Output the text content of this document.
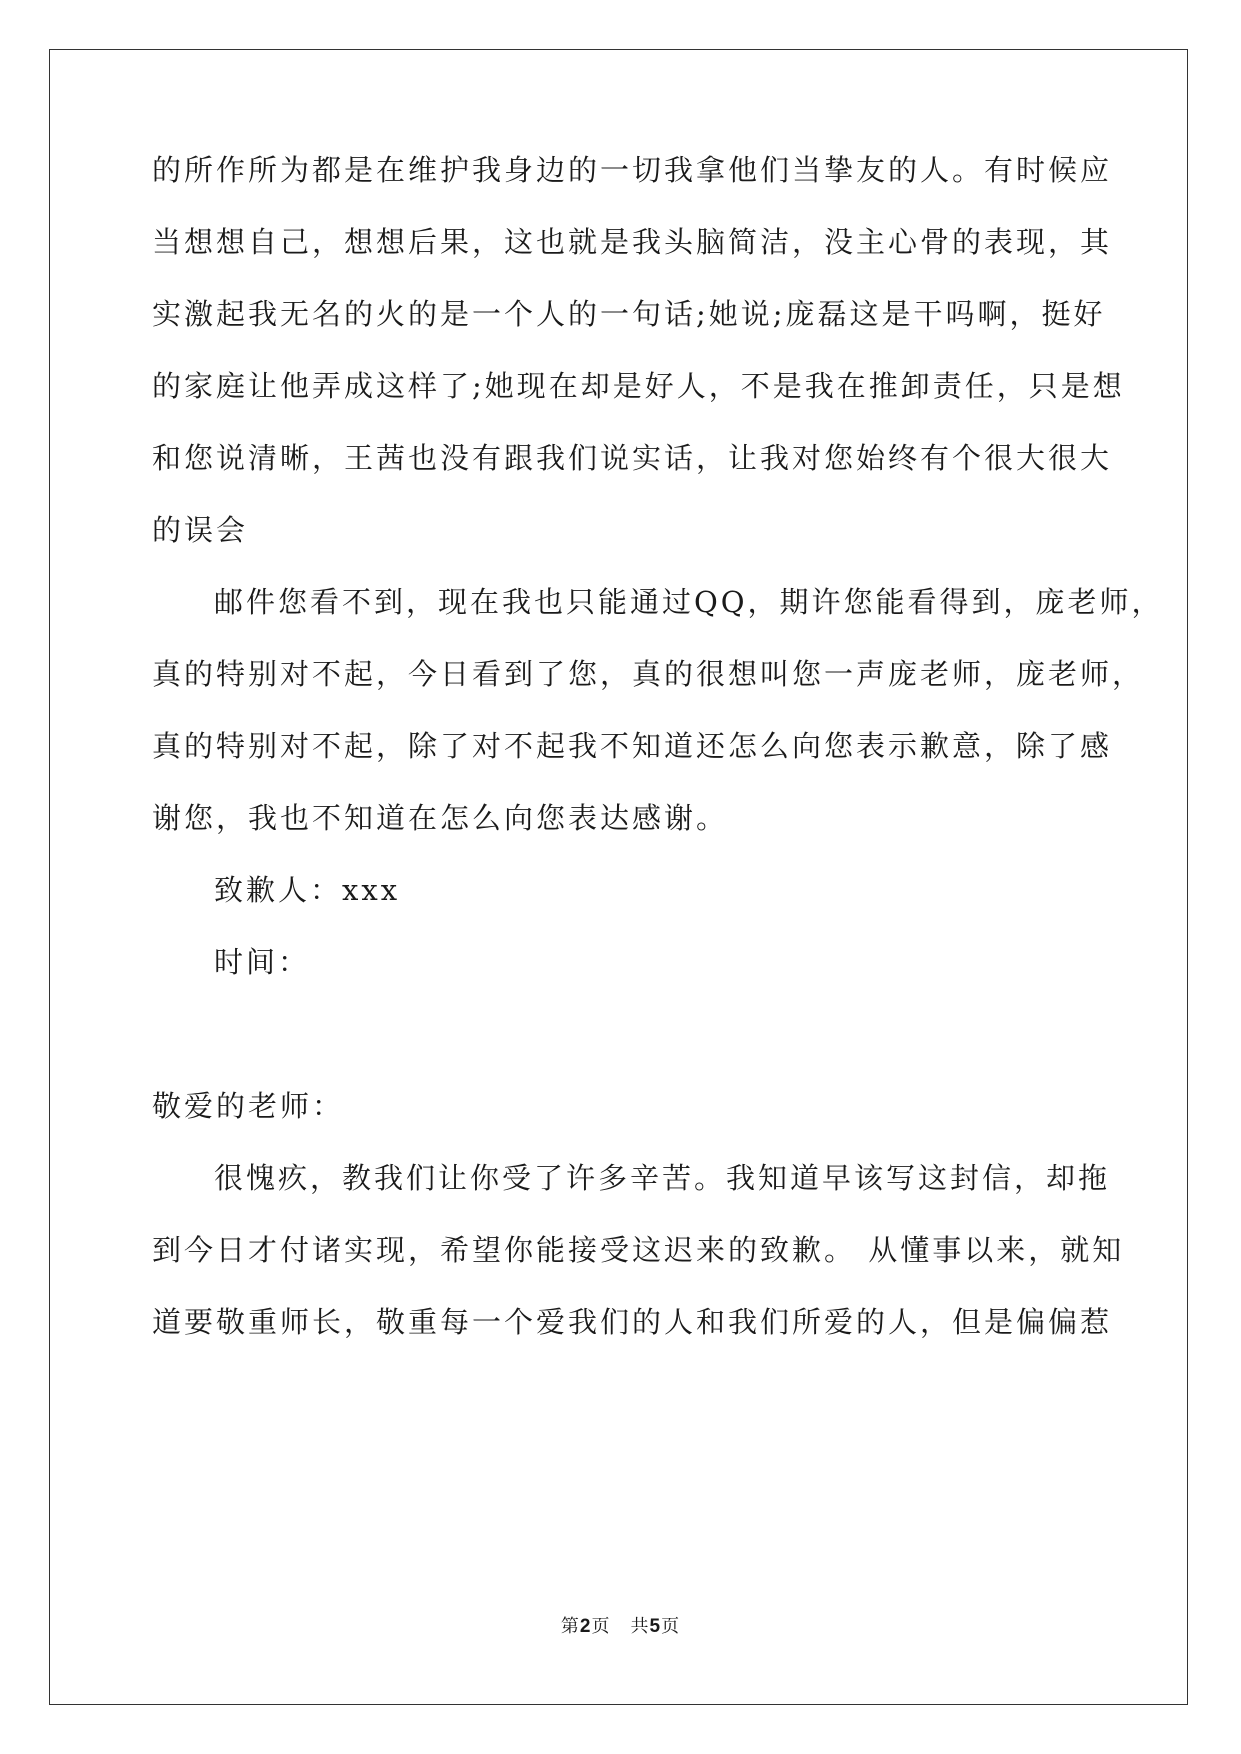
的所作所为都是在维护我身边的一切我拿他们当挚友的人。有时候应
当想想自己，想想后果，这也就是我头脑简洁，没主心骨的表现，其
实激起我无名的火的是一个人的一句话;她说;庞磊这是干吗啊，挺好
的家庭让他弄成这样了;她现在却是好人，不是我在推卸责任，只是想
和您说清晰，王茜也没有跟我们说实话，让我对您始终有个很大很大
的误会
邮件您看不到，现在我也只能通过QQ，期许您能看得到，庞老师，
真的特别对不起，今日看到了您，真的很想叫您一声庞老师，庞老师，
真的特别对不起，除了对不起我不知道还怎么向您表示歉意，除了感
谢您，我也不知道在怎么向您表达感谢。
致歉人：xxx
时间：
敬爱的老师：
很愧疚，教我们让你受了许多辛苦。我知道早该写这封信，却拖
到今日才付诸实现，希望你能接受这迟来的致歉。 从懂事以来，就知
道要敬重师长，敬重每一个爱我们的人和我们所爱的人，但是偏偏惹
第2页 共5页
